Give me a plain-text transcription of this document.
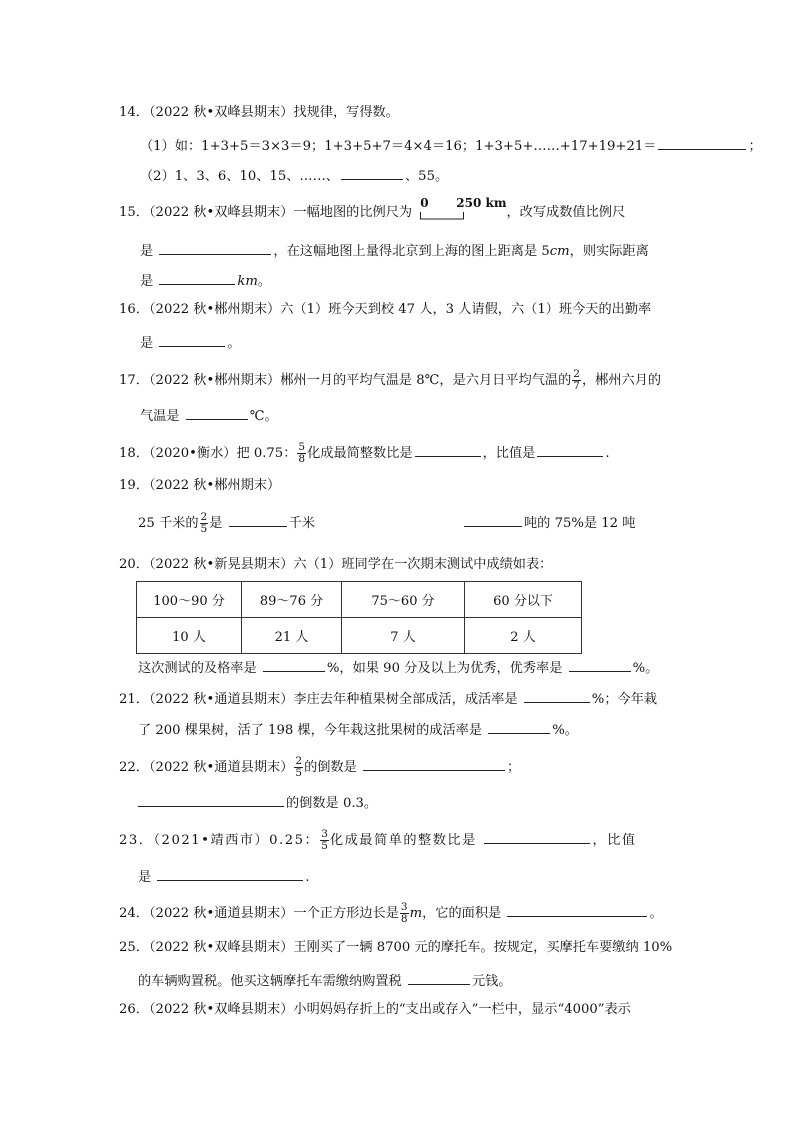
14．（2022 秋•双峰县期末）找规律，写得数。
（1）如：1+3+5＝3×3＝9；1+3+5+7＝4×4＝16；1+3+5+……+17+19+21＝	；
（2）1、3、6、10、15、……、	、55。
15．（2022 秋•双峰县期末）一幅地图的比例尺为
0 250 km
，改写成数值比例尺
是	，在这幅地图上量得北京到上海的图上距离是 5cm，则实际距离
是	km。
16．（2022 秋•郴州期末）六（1）班今天到校 47 人，3 人请假，六（1）班今天的出勤率
是	。
17．（2022 秋•郴州期末）郴州一月的平均气温是 8℃，是六月日平均气温的 $\frac{2}{7}$ ，郴州六月的
气温是	℃。
18．（2020•衡水）把 0.75： $\frac{5}{8}$ 化成最简整数比是	，比值是	.
19．（2022 秋•郴州期末）
25 千米的 $\frac{2}{5}$ 是	千米	吨的 75%是 12 吨
20．（2022 秋•新晃县期末）六（1）班同学在一次期末测试中成绩如表：
100～90 分	89～76 分	75～60 分	60 分以下
10 人	21 人	7 人	2 人
这次测试的及格率是	%，如果 90 分及以上为优秀，优秀率是	%。
21．（2022 秋•通道县期末）李庄去年种植果树全部成活，成活率是	%；今年栽
了 200 棵果树，活了 198 棵，今年栽这批果树的成活率是	%。
22．（2022 秋•通道县期末） $\frac{2}{5}$ 的倒数是	；
的倒数是 0.3。
23．（2021•靖西市）0.25： $\frac{3}{5}$ 化成最简单的整数比是	，比值
是	.
24．（2022 秋•通道县期末）一个正方形边长是 $\frac{3}{8}$ m，它的面积是	。
25．（2022 秋•双峰县期末）王刚买了一辆 8700 元的摩托车。按规定，买摩托车要缴纳 10%
的车辆购置税。他买这辆摩托车需缴纳购置税	元钱。
26．（2022 秋•双峰县期末）小明妈妈存折上的“支出或存入”一栏中，显示“4000”表示
